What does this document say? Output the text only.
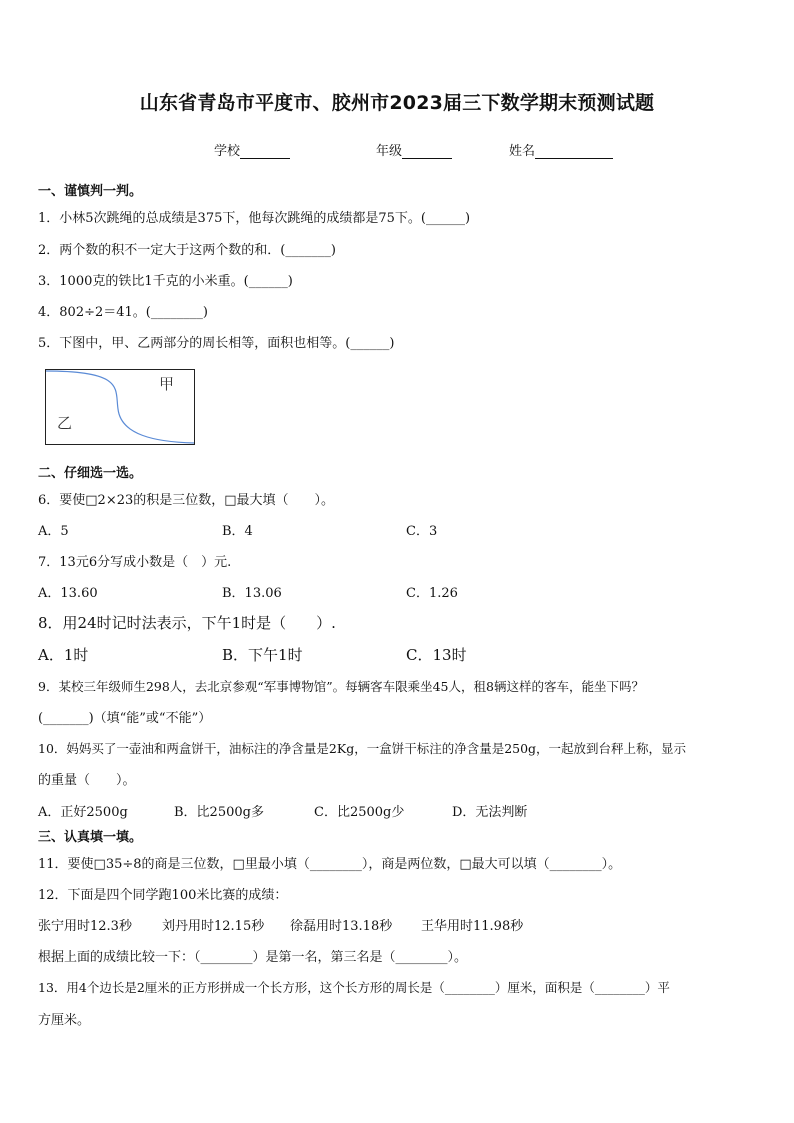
山东省青岛市平度市、胶州市2023届三下数学期末预测试题
学校	年级	姓名
一、谨慎判一判。
1．小林5次跳绳的总成绩是375下，他每次跳绳的成绩都是75下。(______)
2．两个数的积不一定大于这两个数的和．(_______)
3．1000克的铁比1千克的小米重。(______)
4．802÷2＝41。(________)
5．下图中，甲、乙两部分的周长相等，面积也相等。(______)
甲
乙
二、仔细选一选。
6．要使□2×23的积是三位数，□最大填（　　）。
A．5	B．4	C．3
7．13元6分写成小数是（　）元.
A．13.60	B．13.06	C．1.26
8．用24时记时法表示，下午1时是（　　）.
A．1时	B．下午1时	C．13时
9．某校三年级师生298人，去北京参观“军事博物馆”。每辆客车限乘坐45人，租8辆这样的客车，能坐下吗？
(_______)（填“能”或“不能”）
10．妈妈买了一壶油和两盒饼干，油标注的净含量是2Kg，一盒饼干标注的净含量是250g，一起放到台秤上称，显示
的重量（　　）。
A．正好2500g	B．比2500g多	C．比2500g少	D．无法判断
三、认真填一填。
11．要使□35÷8的商是三位数，□里最小填（________），商是两位数，□最大可以填（________）。
12．下面是四个同学跑100米比赛的成绩：
张宁用时12.3秒 刘丹用时12.15秒 徐磊用时13.18秒 王华用时11.98秒
根据上面的成绩比较一下：（________）是第一名，第三名是（________）。
13．用4个边长是2厘米的正方形拼成一个长方形，这个长方形的周长是（________）厘米，面积是（________）平
方厘米。
